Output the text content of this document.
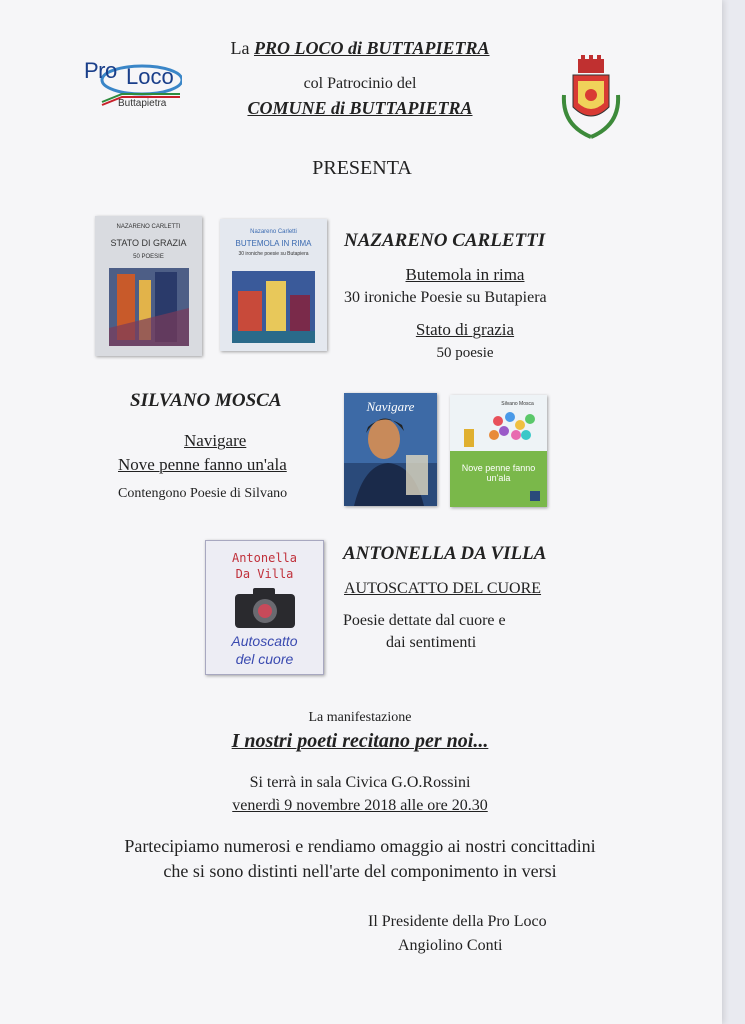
Pro Loco
Buttapietra
La PRO LOCO di BUTTAPIETRA
col Patrocinio del
COMUNE di BUTTAPIETRA
PRESENTA
NAZARENO CARLETTI
STATO DI GRAZIA
50 POESIE
Nazareno Carletti
BUTEMOLA IN RIMA
30 ironiche poesie su Butapiera
NAZARENO CARLETTI
Butemola in rima
30 ironiche Poesie su Butapiera
Stato di grazia
50 poesie
SILVANO MOSCA
Navigare
Nove penne fanno un'ala
Contengono Poesie di Silvano
Navigare	Silvano Mosca
Nove penne fanno un'ala
Antonella
Da Villa
Autoscatto
del cuore
ANTONELLA DA VILLA
AUTOSCATTO DEL CUORE
Poesie dettate dal cuore e
dai sentimenti
La manifestazione
I nostri poeti recitano per noi...
Si terrà in sala Civica G.O.Rossini
venerdì 9 novembre 2018 alle ore 20.30
Partecipiamo numerosi e rendiamo omaggio ai nostri concittadini
che si sono distinti nell'arte del componimento in versi
Il Presidente della Pro Loco
Angiolino Conti
